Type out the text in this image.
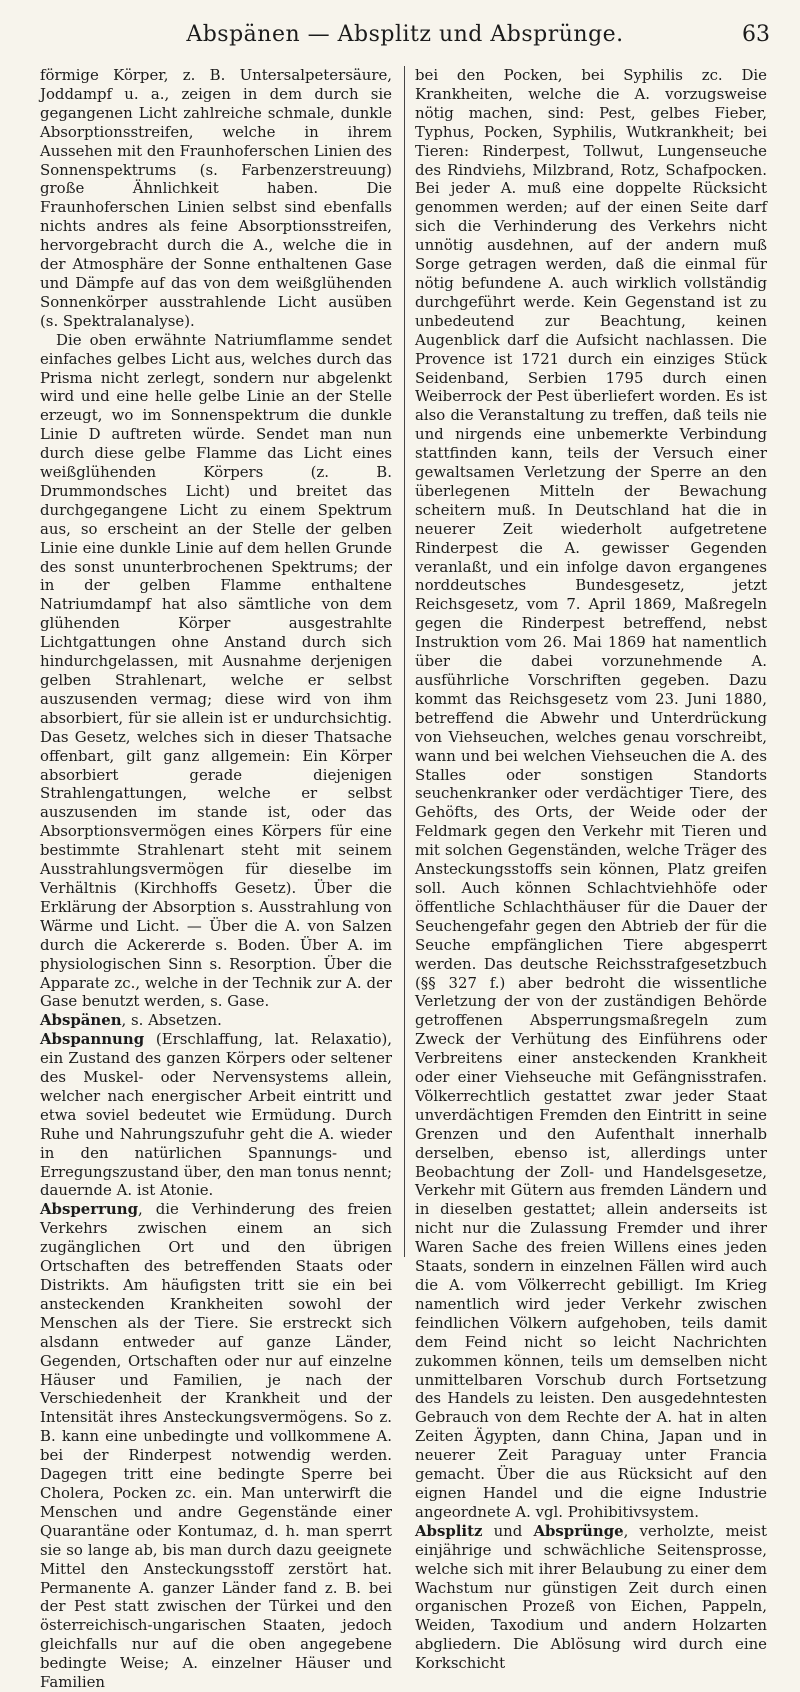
Abspänen — Absplitz und Absprünge.	63

förmige Körper, z. B. Untersalpetersäure, Joddampf u. a., zeigen in dem durch sie gegangenen Licht zahlreiche schmale, dunkle Absorptionsstreifen, welche in ihrem Aussehen mit den Fraunhoferschen Linien des Sonnenspektrums (s. Farbenzerstreuung) große Ähnlichkeit haben. Die Fraunhoferschen Linien selbst sind ebenfalls nichts andres als feine Absorptionsstreifen, hervorgebracht durch die A., welche die in der Atmosphäre der Sonne enthaltenen Gase und Dämpfe auf das von dem weißglühenden Sonnenkörper ausstrahlende Licht ausüben (s. Spektralanalyse).

Die oben erwähnte Natriumflamme sendet einfaches gelbes Licht aus, welches durch das Prisma nicht zerlegt, sondern nur abgelenkt wird und eine helle gelbe Linie an der Stelle erzeugt, wo im Sonnenspektrum die dunkle Linie D auftreten würde. Sendet man nun durch diese gelbe Flamme das Licht eines weißglühenden Körpers (z. B. Drummondsches Licht) und breitet das durchgegangene Licht zu einem Spektrum aus, so erscheint an der Stelle der gelben Linie eine dunkle Linie auf dem hellen Grunde des sonst ununterbrochenen Spektrums; der in der gelben Flamme enthaltene Natriumdampf hat also sämtliche von dem glühenden Körper ausgestrahlte Lichtgattungen ohne Anstand durch sich hindurchgelassen, mit Ausnahme derjenigen gelben Strahlenart, welche er selbst auszusenden vermag; diese wird von ihm absorbiert, für sie allein ist er undurchsichtig. Das Gesetz, welches sich in dieser Thatsache offenbart, gilt ganz allgemein: Ein Körper absorbiert gerade diejenigen Strahlengattungen, welche er selbst auszusenden im stande ist, oder das Absorptionsvermögen eines Körpers für eine bestimmte Strahlenart steht mit seinem Ausstrahlungsvermögen für dieselbe im Verhältnis (Kirchhoffs Gesetz). Über die Erklärung der Absorption s. Ausstrahlung von Wärme und Licht. — Über die A. von Salzen durch die Ackererde s. Boden. Über A. im physiologischen Sinn s. Resorption. Über die Apparate zc., welche in der Technik zur A. der Gase benutzt werden, s. Gase.

Abspänen, s. Absetzen.

Abspannung (Erschlaffung, lat. Relaxatio), ein Zustand des ganzen Körpers oder seltener des Muskel- oder Nervensystems allein, welcher nach energischer Arbeit eintritt und etwa soviel bedeutet wie Ermüdung. Durch Ruhe und Nahrungszufuhr geht die A. wieder in den natürlichen Spannungs- und Erregungszustand über, den man tonus nennt; dauernde A. ist Atonie.

Absperrung, die Verhinderung des freien Verkehrs zwischen einem an sich zugänglichen Ort und den übrigen Ortschaften des betreffenden Staats oder Distrikts. Am häufigsten tritt sie ein bei ansteckenden Krankheiten sowohl der Menschen als der Tiere. Sie erstreckt sich alsdann entweder auf ganze Länder, Gegenden, Ortschaften oder nur auf einzelne Häuser und Familien, je nach der Verschiedenheit der Krankheit und der Intensität ihres Ansteckungsvermögens. So z. B. kann eine unbedingte und vollkommene A. bei der Rinderpest notwendig werden. Dagegen tritt eine bedingte Sperre bei Cholera, Pocken zc. ein. Man unterwirft die Menschen und andre Gegenstände einer Quarantäne oder Kontumaz, d. h. man sperrt sie so lange ab, bis man durch dazu geeignete Mittel den Ansteckungsstoff zerstört hat. Permanente A. ganzer Länder fand z. B. bei der Pest statt zwischen der Türkei und den österreichisch-ungarischen Staaten, jedoch gleichfalls nur auf die oben angegebene bedingte Weise; A. einzelner Häuser und Familien

bei den Pocken, bei Syphilis zc. Die Krankheiten, welche die A. vorzugsweise nötig machen, sind: Pest, gelbes Fieber, Typhus, Pocken, Syphilis, Wutkrankheit; bei Tieren: Rinderpest, Tollwut, Lungenseuche des Rindviehs, Milzbrand, Rotz, Schafpocken. Bei jeder A. muß eine doppelte Rücksicht genommen werden; auf der einen Seite darf sich die Verhinderung des Verkehrs nicht unnötig ausdehnen, auf der andern muß Sorge getragen werden, daß die einmal für nötig befundene A. auch wirklich vollständig durchgeführt werde. Kein Gegenstand ist zu unbedeutend zur Beachtung, keinen Augenblick darf die Aufsicht nachlassen. Die Provence ist 1721 durch ein einziges Stück Seidenband, Serbien 1795 durch einen Weiberrock der Pest überliefert worden. Es ist also die Veranstaltung zu treffen, daß teils nie und nirgends eine unbemerkte Verbindung stattfinden kann, teils der Versuch einer gewaltsamen Verletzung der Sperre an den überlegenen Mitteln der Bewachung scheitern muß. In Deutschland hat die in neuerer Zeit wiederholt aufgetretene Rinderpest die A. gewisser Gegenden veranlaßt, und ein infolge davon ergangenes norddeutsches Bundesgesetz, jetzt Reichsgesetz, vom 7. April 1869, Maßregeln gegen die Rinderpest betreffend, nebst Instruktion vom 26. Mai 1869 hat namentlich über die dabei vorzunehmende A. ausführliche Vorschriften gegeben. Dazu kommt das Reichsgesetz vom 23. Juni 1880, betreffend die Abwehr und Unterdrückung von Viehseuchen, welches genau vorschreibt, wann und bei welchen Viehseuchen die A. des Stalles oder sonstigen Standorts seuchenkranker oder verdächtiger Tiere, des Gehöfts, des Orts, der Weide oder der Feldmark gegen den Verkehr mit Tieren und mit solchen Gegenständen, welche Träger des Ansteckungsstoffs sein können, Platz greifen soll. Auch können Schlachtviehhöfe oder öffentliche Schlachthäuser für die Dauer der Seuchengefahr gegen den Abtrieb der für die Seuche empfänglichen Tiere abgesperrt werden. Das deutsche Reichsstrafgesetzbuch (§§ 327 f.) aber bedroht die wissentliche Verletzung der von der zuständigen Behörde getroffenen Absperrungsmaßregeln zum Zweck der Verhütung des Einführens oder Verbreitens einer ansteckenden Krankheit oder einer Viehseuche mit Gefängnisstrafen. Völkerrechtlich gestattet zwar jeder Staat unverdächtigen Fremden den Eintritt in seine Grenzen und den Aufenthalt innerhalb derselben, ebenso ist, allerdings unter Beobachtung der Zoll- und Handelsgesetze, Verkehr mit Gütern aus fremden Ländern und in dieselben gestattet; allein anderseits ist nicht nur die Zulassung Fremder und ihrer Waren Sache des freien Willens eines jeden Staats, sondern in einzelnen Fällen wird auch die A. vom Völkerrecht gebilligt. Im Krieg namentlich wird jeder Verkehr zwischen feindlichen Völkern aufgehoben, teils damit dem Feind nicht so leicht Nachrichten zukommen können, teils um demselben nicht unmittelbaren Vorschub durch Fortsetzung des Handels zu leisten. Den ausgedehntesten Gebrauch von dem Rechte der A. hat in alten Zeiten Ägypten, dann China, Japan und in neuerer Zeit Paraguay unter Francia gemacht. Über die aus Rücksicht auf den eignen Handel und die eigne Industrie angeordnete A. vgl. Prohibitivsystem.

Absplitz und Absprünge, verholzte, meist einjährige und schwächliche Seitensprosse, welche sich mit ihrer Belaubung zu einer dem Wachstum nur günstigen Zeit durch einen organischen Prozeß von Eichen, Pappeln, Weiden, Taxodium und andern Holzarten abgliedern. Die Ablösung wird durch eine Korkschicht
